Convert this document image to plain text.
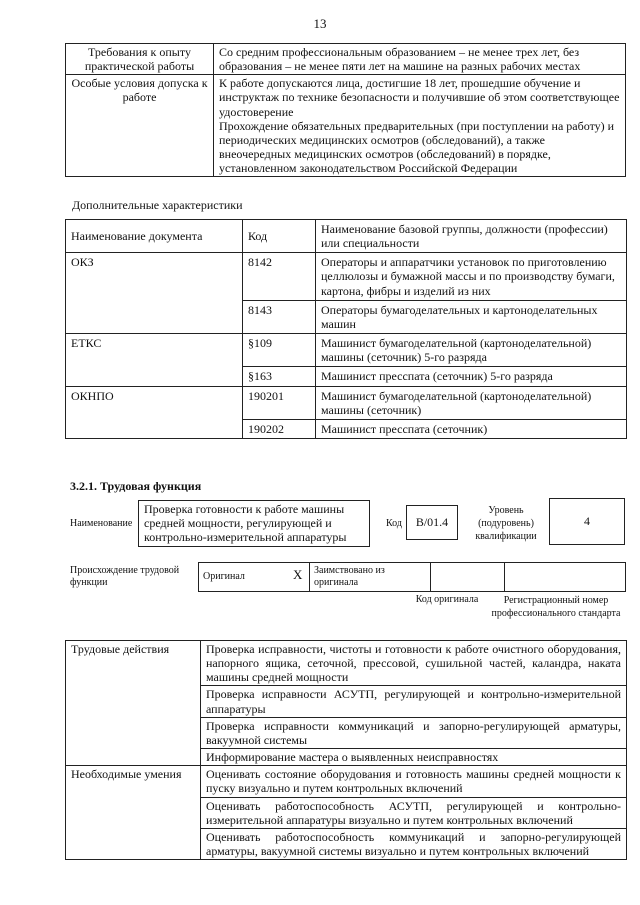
13
Требования к опыту практической работы	Со средним профессиональным образованием – не менее трех лет, без образования – не менее пяти лет на машине на разных рабочих местах
Особые условия допуска к работе	К работе допускаются лица, достигшие 18 лет, прошедшие обучение и инструктаж по технике безопасности и получившие об этом соответствующее удостоверение
Прохождение обязательных предварительных (при поступлении на работу) и периодических медицинских осмотров (обследований), а также внеочередных медицинских осмотров (обследований) в порядке, установленном законодательством Российской Федерации
Дополнительные характеристики
Наименование документа	Код	Наименование базовой группы, должности (профессии) или специальности
ОКЗ	8142	Операторы и аппаратчики установок по приготовлению целлюлозы и бумажной массы и по производству бумаги, картона, фибры и изделий из них
	8143	Операторы бумагоделательных и картоноделательных машин
ЕТКС	§109	Машинист бумагоделательной (картоноделательной) машины (сеточник) 5-го разряда
	§163	Машинист пресспата (сеточник) 5-го разряда
ОКНПО	190201	Машинист бумагоделательной (картоноделательной) машины (сеточник)
	190202	Машинист пресспата (сеточник)
3.2.1. Трудовая функция
Наименование
Проверка готовности к работе машины средней мощности, регулирующей и контрольно-измерительной аппаратуры
Код	B/01.4
Уровень (подуровень) квалификации
4
Происхождение трудовой функции
Оригинал	X	Заимствовано из оригинала		
Код оригинала	Регистрационный номер профессионального стандарта
Трудовые действия	Проверка исправности, чистоты и готовности к работе очистного оборудования, напорного ящика, сеточной, прессовой, сушильной частей, каландра, наката машины средней мощности
	Проверка исправности АСУТП, регулирующей и контрольно-измерительной аппаратуры
	Проверка исправности коммуникаций и запорно-регулирующей арматуры, вакуумной системы
	Информирование мастера о выявленных неисправностях
Необходимые умения	Оценивать состояние оборудования и готовность машины средней мощности к пуску визуально и путем контрольных включений
	Оценивать работоспособность АСУТП, регулирующей и контрольно-измерительной аппаратуры визуально и путем контрольных включений
	Оценивать работоспособность коммуникаций и запорно-регулирующей арматуры, вакуумной системы визуально и путем контрольных включений
